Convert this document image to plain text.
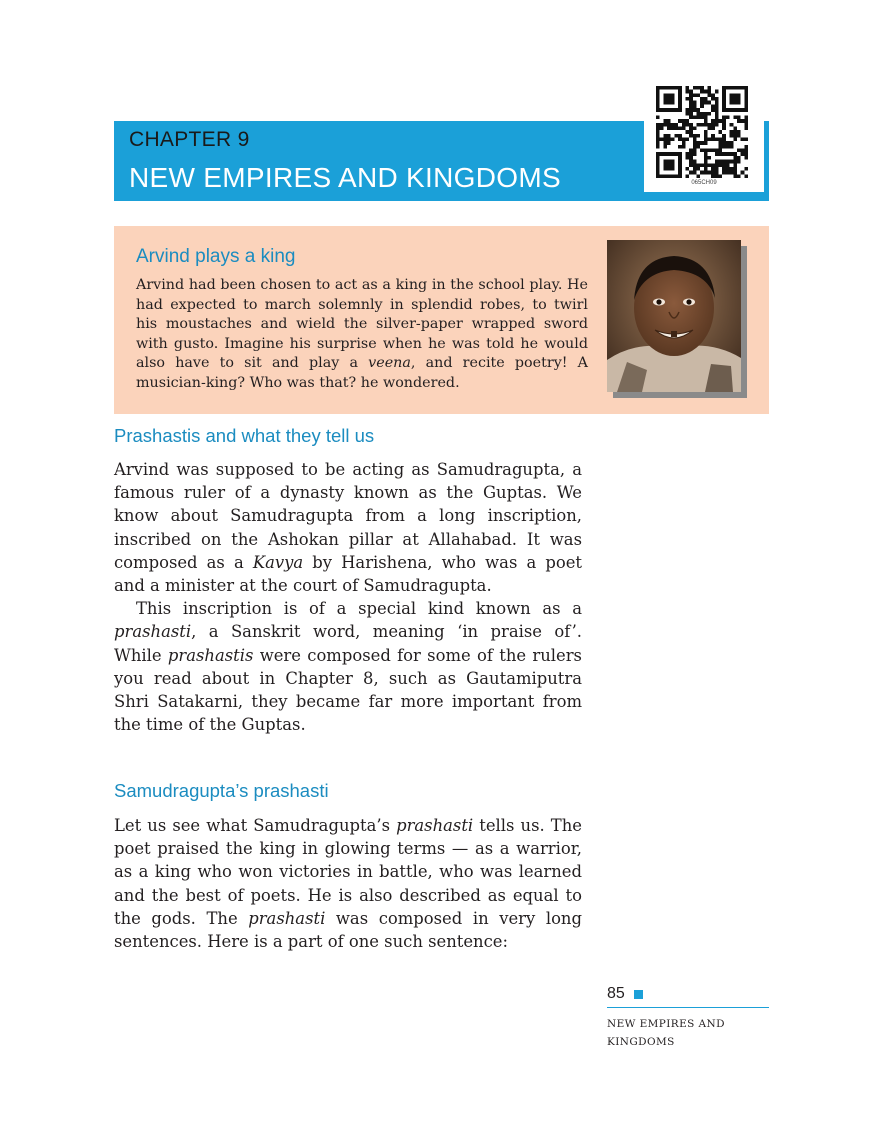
CHAPTER 9
NEW EMPIRES AND KINGDOMS	065CH09
Arvind plays a king
Arvind had been chosen to act as a king in the school play. He had expected to march solemnly in splendid robes, to twirl his moustaches and wield the silver-paper wrapped sword with gusto. Imagine his surprise when he was told he would also have to sit and play a veena, and recite poetry! A musician-king? Who was that? he wondered.
Prashastis and what they tell us

Arvind was supposed to be acting as Samudragupta, a famous ruler of a dynasty known as the Guptas. We know about Samudragupta from a long inscription, inscribed on the Ashokan pillar at Allahabad. It was composed as a Kavya by Harishena, who was a poet and a minister at the court of Samudragupta.

This inscription is of a special kind known as a prashasti, a Sanskrit word, meaning ‘in praise of’. While prashastis were composed for some of the rulers you read about in Chapter 8, such as Gautamiputra Shri Satakarni, they became far more important from the time of the Guptas.

Samudragupta’s prashasti

Let us see what Samudragupta’s prashasti tells us. The poet praised the king in glowing terms — as a warrior, as a king who won victories in battle, who was learned and the best of poets. He is also described as equal to the gods. The prashasti was composed in very long sentences. Here is a part of one such sentence:

85
NEW EMPIRES AND KINGDOMS
